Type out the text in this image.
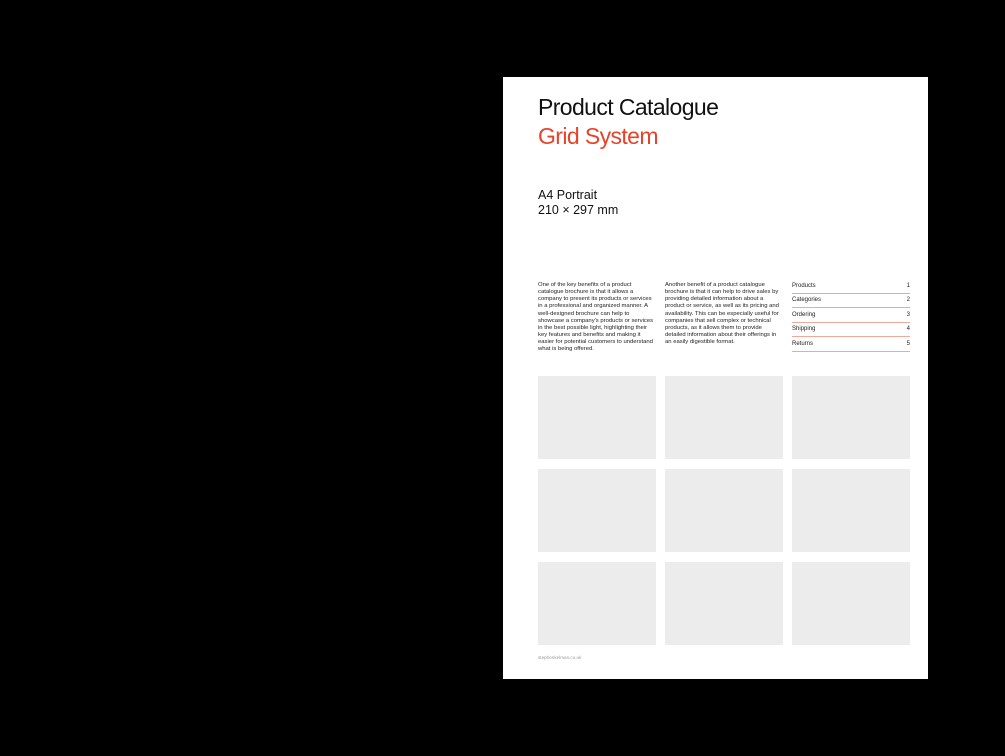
Product Catalogue
Grid System
A4 Portrait
210 × 297 mm

One of the key benefits of a product catalogue brochure is that it allows a company to present its products or services in a professional and organized manner. A well-designed brochure can help to showcase a company's products or services in the best possible light, highlighting their key features and benefits and making it easier for potential customers to understand what is being offered.

Another benefit of a product catalogue brochure is that it can help to drive sales by providing detailed information about a product or service, as well as its pricing and availability. This can be especially useful for companies that sell complex or technical products, as it allows them to provide detailed information about their offerings in an easily digestible format.

Products	1
Categories	2
Ordering	3
Shipping	4
Returns	5
stephenkelman.co.uk
